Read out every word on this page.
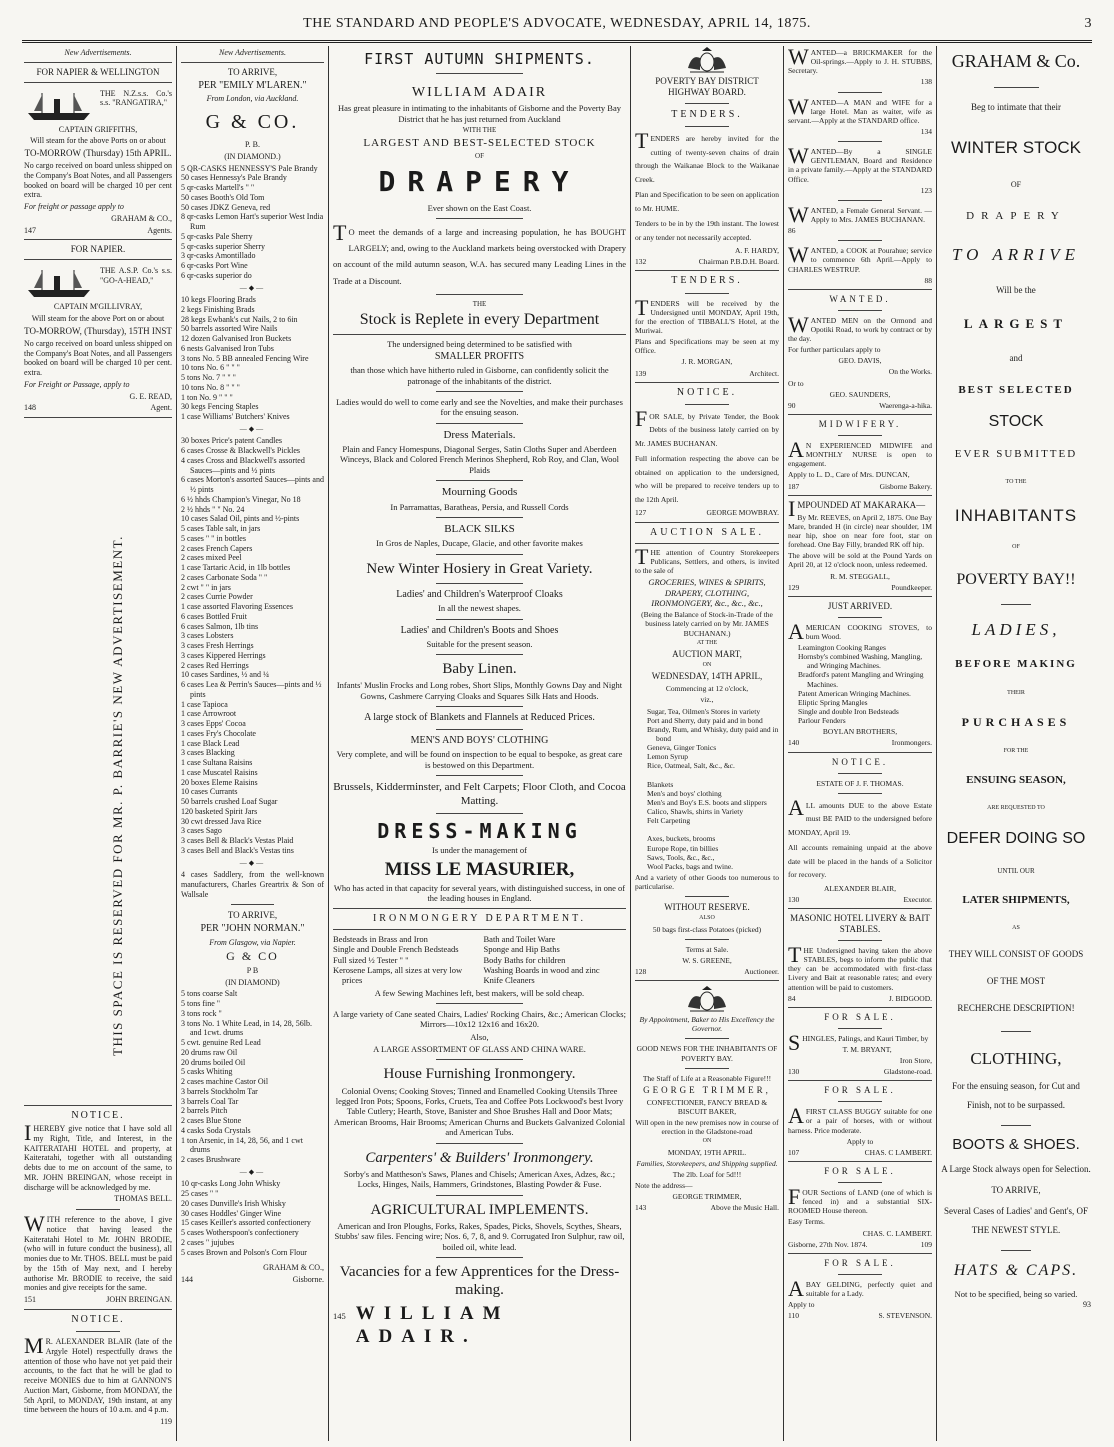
THE STANDARD AND PEOPLE'S ADVOCATE, WEDNESDAY, APRIL 14, 1875.	3

New Advertisements.

FOR NAPIER & WELLINGTON

THE N.Z.s.s. Co.'s s.s. "RANGATIRA,"

CAPTAIN GRIFFITHS,

Will steam for the above Ports on or about

TO-MORROW (Thursday) 15th APRIL.

No cargo received on board unless shipped on the Company's Boat Notes, and all Passengers booked on board will be charged 10 per cent extra.

For freight or passage apply to

GRAHAM & CO.,

147	Agents.

FOR NAPIER.

THE A.S.P. Co.'s s.s. "GO-A-HEAD,"

CAPTAIN M'GILLIVRAY,

Will steam for the above Port on or about

TO-MORROW, (Thursday), 15TH INST

No cargo received on board unless shipped on the Company's Boat Notes, and all Passengers booked on board will be charged 10 per cent. extra.

For Freight or Passage, apply to

G. E. READ,

148	Agent.
THIS SPACE IS RESERVED FOR MR. P. BARRIE'S NEW ADVERTISEMENT.

NOTICE.

IHEREBY give notice that I have sold all my Right, Title, and Interest, in the KAITERATAHI HOTEL and property, at Kaiteratahi, together with all outstanding debts due to me on account of the same, to MR. JOHN BREINGAN, whose receipt in discharge will be acknowledged by me.

THOMAS BELL.

WITH reference to the above, I give notice that having leased the Kaiteratahi Hotel to Mr. JOHN BRODIE, (who will in future conduct the business), all monies due to Mr. THOS. BELL must be paid by the 15th of May next, and I hereby authorise Mr. BRODIE to receive, the said monies and give receipts for the same.

151	JOHN BREINGAN.

NOTICE.

MR. ALEXANDER BLAIR (late of the Argyle Hotel) respectfully draws the attention of those who have not yet paid their accounts, to the fact that he will be glad to receive MONIES due to him at GANNON'S Auction Mart, Gisborne, from MONDAY, the 5th April, to MONDAY, 19th instant, at any time between the hours of 10 a.m. and 4 p.m.

119

New Advertisements.

TO ARRIVE,

PER "EMILY M'LAREN."

From London, via Auckland.

G & CO.

P. B.

(IN DIAMOND.)

5 QR-CASKS HENNESSY'S Pale Brandy
50 cases Hennessy's Pale Brandy
5 qr-casks Martell's " "
50 cases Booth's Old Tom
50 cases JDKZ Geneva, red
8 qr-casks Lemon Hart's superior West India Rum
5 qr-casks Pale Sherry
5 qr-casks superior Sherry
3 qr-casks Amontillado
6 qr-casks Port Wine
6 qr-casks superior do
—◆—
10 kegs Flooring Brads
2 kegs Finishing Brads
28 kegs Ewbank's cut Nails, 2 to 6in
50 barrels assorted Wire Nails
12 dozen Galvanised Iron Buckets
6 nests Galvanised Iron Tubs
3 tons No. 5 BB annealed Fencing Wire
10 tons No. 6 " " "
5 tons No. 7 " " "
10 tons No. 8 " " "
1 ton No. 9 " " "
30 kegs Fencing Staples
1 case Williams' Butchers' Knives
—◆—
30 boxes Price's patent Candles
6 cases Crosse & Blackwell's Pickles
4 cases Cross and Blackwell's assorted Sauces—pints and ½ pints
6 cases Morton's assorted Sauces—pints and ½ pints
6 ½ hhds Champion's Vinegar, No 18
2 ½ hhds " " No. 24
10 cases Salad Oil, pints and ½-pints
5 cases Table salt, in jars
5 cases " " in bottles
2 cases French Capers
2 cases mixed Peel
1 case Tartaric Acid, in 1lb bottles
2 cases Carbonate Soda " "
2 cwt " " in jars
2 cases Currie Powder
1 case assorted Flavoring Essences
6 cases Bottled Fruit
6 cases Salmon, 1lb tins
3 cases Lobsters
3 cases Fresh Herrings
3 cases Kippered Herrings
2 cases Red Herrings
10 cases Sardines, ½ and ¼
6 cases Lea & Perrin's Sauces—pints and ½ pints
1 case Tapioca
1 case Arrowroot
3 cases Epps' Cocoa
1 cases Fry's Chocolate
1 case Black Lead
3 cases Blacking
1 case Sultana Raisins
1 case Muscatel Raisins
20 boxes Eleme Raisins
10 cases Currants
50 barrels crushed Loaf Sugar
120 basketed Spirit Jars
30 cwt dressed Java Rice
3 cases Sago
3 cases Bell & Black's Vestas Plaid
3 cases Bell and Black's Vestas tins
—◆—

4 cases Saddlery, from the well-known manufacturers, Charles Greartrix & Son of Wallsale

TO ARRIVE,

PER "JOHN NORMAN."

From Glasgow, via Napier.

G & CO

P B

(IN DIAMOND)

5 tons coarse Salt
5 tons fine "
3 tons rock "
3 tons No. 1 White Lead, in 14, 28, 56lb. and 1cwt. drums
5 cwt. genuine Red Lead
20 drums raw Oil
20 drums boiled Oil
5 casks Whiting
2 cases machine Castor Oil
3 barrels Stockholm Tar
3 barrels Coal Tar
2 barrels Pitch
2 cases Blue Stone
4 casks Soda Crystals
1 ton Arsenic, in 14, 28, 56, and 1 cwt drums
2 cases Brushware
—◆—
10 qr-casks Long John Whisky
25 cases " "
20 cases Dunville's Irish Whisky
30 cases Hoddles' Ginger Wine
15 cases Keiller's assorted confectionery
5 cases Wotherspoon's confectionery
2 cases " jujubes
5 cases Brown and Polson's Corn Flour

GRAHAM & CO.,

144	Gisborne.

FIRST AUTUMN SHIPMENTS.

WILLIAM ADAIR

Has great pleasure in intimating to the inhabitants of Gisborne and the Poverty Bay District that he has just returned from Auckland

WITH THE

LARGEST AND BEST-SELECTED STOCK

OF

DRAPERY

Ever shown on the East Coast.

TO meet the demands of a large and increasing population, he has BOUGHT LARGELY; and, owing to the Auckland markets being overstocked with Drapery on account of the mild autumn season, W.A. has secured many Leading Lines in the Trade at a Discount.

THE

Stock is Replete in every Department

The undersigned being determined to be satisfied with

SMALLER PROFITS

than those which have hitherto ruled in Gisborne, can confidently solicit the patronage of the inhabitants of the district.

Ladies would do well to come early and see the Novelties, and make their purchases for the ensuing season.

Dress Materials.

Plain and Fancy Homespuns, Diagonal Serges, Satin Cloths Super and Aberdeen Winceys, Black and Colored French Merinos Shepherd, Rob Roy, and Clan, Wool Plaids

Mourning Goods

In Parramattas, Baratheas, Persia, and Russell Cords

BLACK SILKS

In Gros de Naples, Ducape, Glacie, and other favorite makes

New Winter Hosiery in Great Variety.

Ladies' and Children's Waterproof Cloaks

In all the newest shapes.

Ladies' and Children's Boots and Shoes

Suitable for the present season.

Baby Linen.

Infants' Muslin Frocks and Long robes, Short Slips, Monthly Gowns Day and Night Gowns, Cashmere Carrying Cloaks and Squares Silk Hats and Hoods.

A large stock of Blankets and Flannels at Reduced Prices.

MEN'S AND BOYS' CLOTHING

Very complete, and will be found on inspection to be equal to bespoke, as great care is bestowed on this Department.

Brussels, Kidderminster, and Felt Carpets; Floor Cloth, and Cocoa Matting.

DRESS-MAKING

Is under the management of

MISS LE MASURIER,

Who has acted in that capacity for several years, with distinguished success, in one of the leading houses in England.

IRONMONGERY DEPARTMENT.

Bedsteads in Brass and Iron
Single and Double French Bedsteads
Full sized ½ Tester " "
Kerosene Lamps, all sizes at very low prices
Bath and Toilet Ware
Sponge and Hip Baths
Body Baths for children
Washing Boards in wood and zinc
Knife Cleaners

A few Sewing Machines left, best makers, will be sold cheap.

A large variety of Cane seated Chairs, Ladies' Rocking Chairs, &c.; American Clocks; Mirrors—10x12 12x16 and 16x20.

Also,

A LARGE ASSORTMENT OF GLASS AND CHINA WARE.

House Furnishing Ironmongery.

Colonial Ovens; Cooking Stoves; Tinned and Enamelled Cooking Utensils Three legged Iron Pots; Spoons, Forks, Cruets, Tea and Coffee Pots Lockwood's best Ivory Table Cutlery; Hearth, Stove, Banister and Shoe Brushes Hall and Door Mats; American Brooms, Hair Brooms; American Churns and Buckets Galvanized Colonial and American Tubs.

Carpenters' & Builders' Ironmongery.

Sorby's and Mattheson's Saws, Planes and Chisels; American Axes, Adzes, &c.; Locks, Hinges, Nails, Hammers, Grindstones, Blasting Powder & Fuse.

AGRICULTURAL IMPLEMENTS.

American and Iron Ploughs, Forks, Rakes, Spades, Picks, Shovels, Scythes, Shears, Stubbs' saw files. Fencing wire; Nos. 6, 7, 8, and 9. Corrugated Iron Sulphur, raw oil, boiled oil, white lead.

Vacancies for a few Apprentices for the Dress-making.

145 WILLIAM ADAIR.

POVERTY BAY DISTRICT HIGHWAY BOARD.

TENDERS.

TENDERS are hereby invited for the cutting of twenty-seven chains of drain through the Waikanae Block to the Waikanae Creek.

Plan and Specification to be seen on application to Mr. HUME.

Tenders to be in by the 19th instant. The lowest or any tender not necessarily accepted.

A. F. HARDY,

132	Chairman P.B.D.H. Board.

TENDERS.

TENDERS will be received by the Undersigned until MONDAY, April 19th, for the erection of TIBBALL'S Hotel, at the Muriwai.

Plans and Specifications may be seen at my Office.

J. R. MORGAN,

139	Architect.

NOTICE.

FOR SALE, by Private Tender, the Book Debts of the business lately carried on by Mr. JAMES BUCHANAN.

Full information respecting the above can be obtained on application to the undersigned, who will be prepared to receive tenders up to the 12th April.

127	GEORGE MOWBRAY.

AUCTION SALE.

THE attention of Country Storekeepers Publicans, Settlers, and others, is invited to the sale of

GROCERIES, WINES & SPIRITS, DRAPERY, CLOTHING, IRONMONGERY, &c., &c., &c.,

(Being the Balance of Stock-in-Trade of the business lately carried on by Mr. JAMES BUCHANAN.)

AT THE

AUCTION MART,

ON

WEDNESDAY, 14TH APRIL,

Commencing at 12 o'clock,

viz.,

Sugar, Tea, Oilmen's Stores in variety
Port and Sherry, duty paid and in bond
Brandy, Rum, and Whisky, duty paid and in bond
Geneva, Ginger Tonics
Lemon Syrup
Rice, Oatmeal, Salt, &c., &c.

Blankets
Men's and boys' clothing
Men's and Boy's E.S. boots and slippers
Calico, Shawls, shirts in Variety
Felt Carpeting

Axes, buckets, brooms
Europe Rope, tin billies
Saws, Tools, &c., &c.,
Wool Packs, bags and twine.

And a variety of other Goods too numerous to particularise.

WITHOUT RESERVE.

ALSO

50 bags first-class Potatoes (picked)

Terms at Sale.

W. S. GREENE,

128	Auctioneer.

By Appointment, Baker to His Excellency the Governor.

GOOD NEWS FOR THE INHABITANTS OF POVERTY BAY.

The Staff of Life at a Reasonable Figure!!!

GEORGE TRIMMER,

CONFECTIONER, FANCY BREAD & BISCUIT BAKER,

Will open in the new premises now in course of erection in the Gladstone-road

ON

MONDAY, 19TH APRIL.

Families, Storekeepers, and Shipping supplied.

The 2lb. Loaf for 5d!!!

Note the address—

GEORGE TRIMMER,

143	Above the Music Hall.

WANTED—a BRICKMAKER for the Oil-springs.—Apply to J. H. STUBBS, Secretary.

138

WANTED—A MAN and WIFE for a large Hotel. Man as waiter, wife as servant.—Apply at the STANDARD office.

134

WANTED—By a SINGLE GENTLEMAN, Board and Residence in a private family.—Apply at the STANDARD Office.

123

WANTED, a Female General Servant. —Apply to Mrs. JAMES BUCHANAN.

86

WANTED, a COOK at Pourahue; service to commence 6th April.—Apply to CHARLES WESTRUP.

88

WANTED.

WANTED MEN on the Ormond and Opotiki Road, to work by contract or by the day.

For further particulars apply to

GEO. DAVIS,

On the Works.

Or to

GEO. SAUNDERS,

90	Waerenga-a-hika.

MIDWIFERY.

AN EXPERIENCED MIDWIFE and MONTHLY NURSE is open to engagement.

Apply to L. D., Care of Mrs. DUNCAN,

187	Gisborne Bakery.

IMPOUNDED AT MAKARAKA—

By Mr. REEVES, on April 2, 1875. One Bay Mare, branded H (in circle) near shoulder, 1M near hip, shoe on near fore foot, star on forehead. One Bay Filly, branded RK off hip.

The above will be sold at the Pound Yards on April 20, at 12 o'clock noon, unless redeemed.

R. M. STEGGALL,

129	Poundkeeper.

JUST ARRIVED.

AMERICAN COOKING STOVES, to burn Wood.

Leamington Cooking Ranges
Hornsby's combined Washing, Mangling, and Wringing Machines.
Bradford's patent Mangling and Wringing Machines.
Patent American Wringing Machines.
Eliptic Spring Mangles
Single and double Iron Bedsteads
Parlour Fenders

BOYLAN BROTHERS,

140	Ironmongers.

NOTICE.

ESTATE OF J. F. THOMAS.

ALL amounts DUE to the above Estate must BE PAID to the undersigned before MONDAY, April 19.

All accounts remaining unpaid at the above date will be placed in the hands of a Solicitor for recovery.

ALEXANDER BLAIR,

130	Executor.

MASONIC HOTEL LIVERY & BAIT STABLES.

THE Undersigned having taken the above STABLES, begs to inform the public that they can be accommodated with first-class Livery and Bait at reasonable rates; and every attention will be paid to customers.

84	J. BIDGOOD.

FOR SALE.

SHINGLES, Palings, and Kauri Timber, by

T. M. BRYANT,

Iron Store,

130	Gladstone-road.

FOR SALE.

AFIRST CLASS BUGGY suitable for one or a pair of horses, with or without harness. Price moderate.

Apply to

107	CHAS. C LAMBERT.

FOR SALE.

FOUR Sections of LAND (one of which is fenced in) and a substantial SIX-ROOMED House thereon.

Easy Terms.

CHAS. C. LAMBERT.

Gisborne, 27th Nov. 1874.	109

FOR SALE.

ABAY GELDING, perfectly quiet and suitable for a Lady.

Apply to

110	S. STEVENSON.

GRAHAM & Co.

Beg to intimate that their

WINTER STOCK

OF

DRAPERY

TO ARRIVE

Will be the

LARGEST

and

BEST SELECTED

STOCK

EVER SUBMITTED

TO THE

INHABITANTS

OF

POVERTY BAY!!

LADIES,

BEFORE MAKING

THEIR

PURCHASES

FOR THE

ENSUING SEASON,

ARE REQUESTED TO

DEFER DOING SO

UNTIL OUR

LATER SHIPMENTS,

AS

THEY WILL CONSIST OF GOODS

OF THE MOST

RECHERCHE DESCRIPTION!

CLOTHING,

For the ensuing season, for Cut and Finish, not to be surpassed.

BOOTS & SHOES.

A Large Stock always open for Selection.

TO ARRIVE,

Several Cases of Ladies' and Gent's, OF THE NEWEST STYLE.

HATS & CAPS.

Not to be specified, being so varied.

93
